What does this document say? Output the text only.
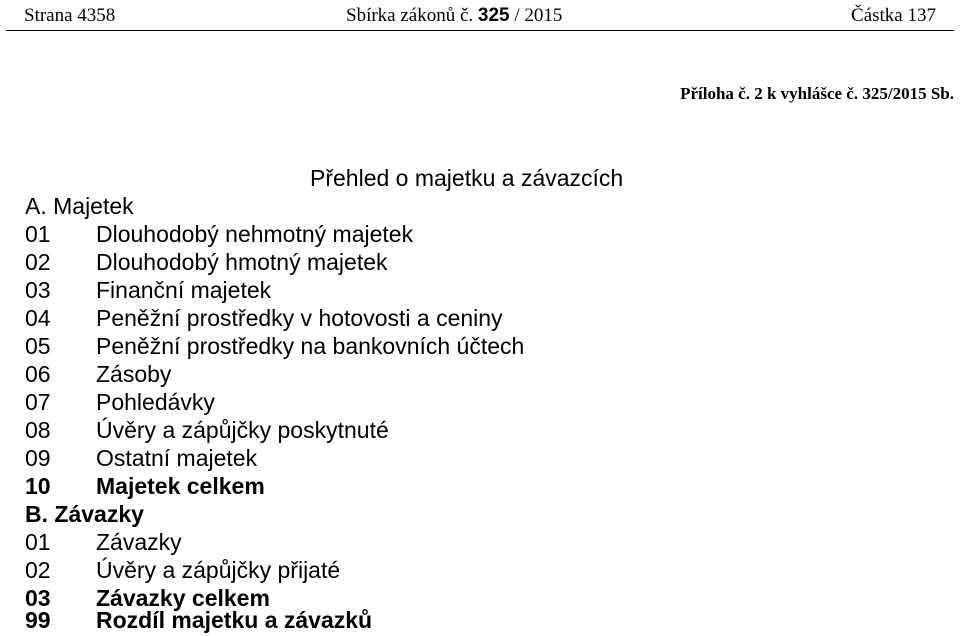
Strana 4358	Sbírka zákonů č. 325 / 2015	Částka 137
Příloha č. 2 k vyhlášce č. 325/2015 Sb.
Přehled o majetku a závazcích
A. Majetek
01 Dlouhodobý nehmotný majetek
02 Dlouhodobý hmotný majetek
03 Finanční majetek
04 Peněžní prostředky v hotovosti a ceniny
05 Peněžní prostředky na bankovních účtech
06 Zásoby
07 Pohledávky
08 Úvěry a zápůjčky poskytnuté
09 Ostatní majetek
10 Majetek celkem
B. Závazky
01 Závazky
02 Úvěry a zápůjčky přijaté
03 Závazky celkem
99 Rozdíl majetku a závazků
